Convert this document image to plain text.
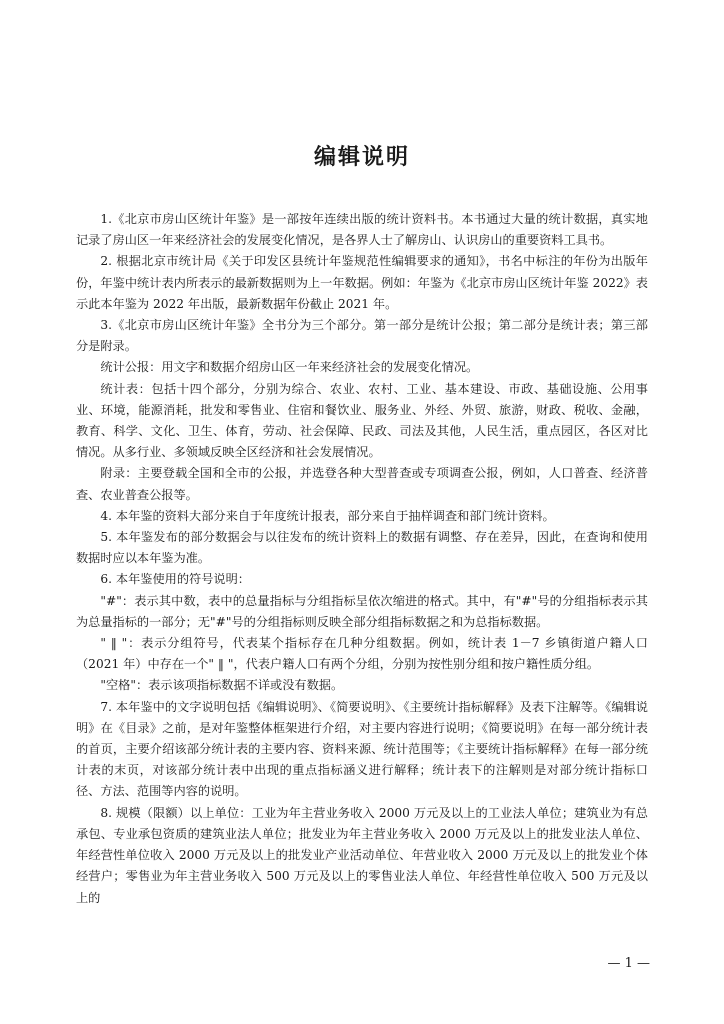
编辑说明

1.《北京市房山区统计年鉴》是一部按年连续出版的统计资料书。本书通过大量的统计数据，真实地记录了房山区一年来经济社会的发展变化情况，是各界人士了解房山、认识房山的重要资料工具书。

2. 根据北京市统计局《关于印发区县统计年鉴规范性编辑要求的通知》，书名中标注的年份为出版年份，年鉴中统计表内所表示的最新数据则为上一年数据。例如：年鉴为《北京市房山区统计年鉴 2022》表示此本年鉴为 2022 年出版，最新数据年份截止 2021 年。

3.《北京市房山区统计年鉴》全书分为三个部分。第一部分是统计公报；第二部分是统计表；第三部分是附录。

统计公报：用文字和数据介绍房山区一年来经济社会的发展变化情况。

统计表：包括十四个部分，分别为综合、农业、农村、工业、基本建设、市政、基础设施、公用事业、环境，能源消耗，批发和零售业、住宿和餐饮业、服务业、外经、外贸、旅游，财政、税收、金融，教育、科学、文化、卫生、体育，劳动、社会保障、民政、司法及其他，人民生活，重点园区，各区对比情况。从多行业、多领域反映全区经济和社会发展情况。

附录：主要登载全国和全市的公报，并选登各种大型普查或专项调查公报，例如，人口普查、经济普查、农业普查公报等。

4. 本年鉴的资料大部分来自于年度统计报表，部分来自于抽样调查和部门统计资料。

5. 本年鉴发布的部分数据会与以往发布的统计资料上的数据有调整、存在差异，因此，在查询和使用数据时应以本年鉴为准。

6. 本年鉴使用的符号说明：

"#"：表示其中数，表中的总量指标与分组指标呈依次缩进的格式。其中，有"#"号的分组指标表示其为总量指标的一部分；无"#"号的分组指标则反映全部分组指标数据之和为总指标数据。

" ‖ "：表示分组符号，代表某个指标存在几种分组数据。例如，统计表 1－7 乡镇街道户籍人口（2021 年）中存在一个" ‖ "，代表户籍人口有两个分组，分别为按性别分组和按户籍性质分组。

"空格"：表示该项指标数据不详或没有数据。

7. 本年鉴中的文字说明包括《编辑说明》、《简要说明》、《主要统计指标解释》及表下注解等。《编辑说明》在《目录》之前，是对年鉴整体框架进行介绍，对主要内容进行说明；《简要说明》在每一部分统计表的首页，主要介绍该部分统计表的主要内容、资料来源、统计范围等；《主要统计指标解释》在每一部分统计表的末页，对该部分统计表中出现的重点指标涵义进行解释；统计表下的注解则是对部分统计指标口径、方法、范围等内容的说明。

8. 规模（限额）以上单位：工业为年主营业务收入 2000 万元及以上的工业法人单位；建筑业为有总承包、专业承包资质的建筑业法人单位；批发业为年主营业务收入 2000 万元及以上的批发业法人单位、年经营性单位收入 2000 万元及以上的批发业产业活动单位、年营业收入 2000 万元及以上的批发业个体经营户；零售业为年主营业务收入 500 万元及以上的零售业法人单位、年经营性单位收入 500 万元及以上的

— 1 —
